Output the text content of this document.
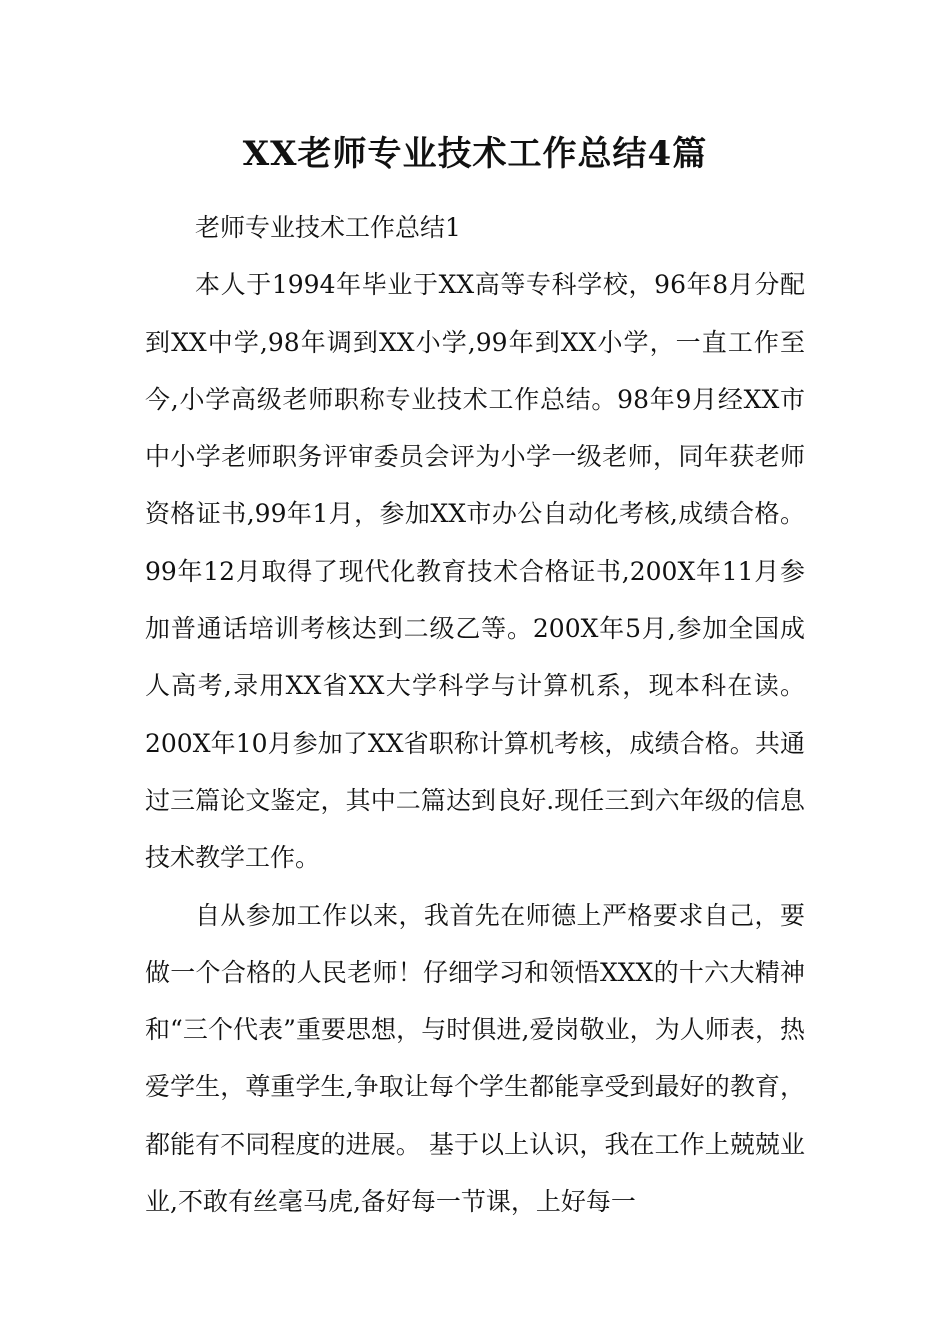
XX老师专业技术工作总结4篇

老师专业技术工作总结1

本人于1994年毕业于XX高等专科学校，96年8月分配到XX中学,98年调到XX小学,99年到XX小学，一直工作至今,小学高级老师职称专业技术工作总结。98年9月经XX市中小学老师职务评审委员会评为小学一级老师，同年获老师资格证书,99年1月，参加XX市办公自动化考核,成绩合格。99年12月取得了现代化教育技术合格证书,200X年11月参加普通话培训考核达到二级乙等。200X年5月,参加全国成人高考,录用XX省XX大学科学与计算机系，现本科在读。200X年10月参加了XX省职称计算机考核，成绩合格。共通过三篇论文鉴定，其中二篇达到良好.现任三到六年级的信息技术教学工作。

自从参加工作以来，我首先在师德上严格要求自己，要做一个合格的人民老师！仔细学习和领悟XXX的十六大精神和“三个代表”重要思想，与时俱进,爱岗敬业，为人师表，热爱学生，尊重学生,争取让每个学生都能享受到最好的教育，都能有不同程度的进展。 基于以上认识，我在工作上兢兢业业,不敢有丝毫马虎,备好每一节课，上好每一
